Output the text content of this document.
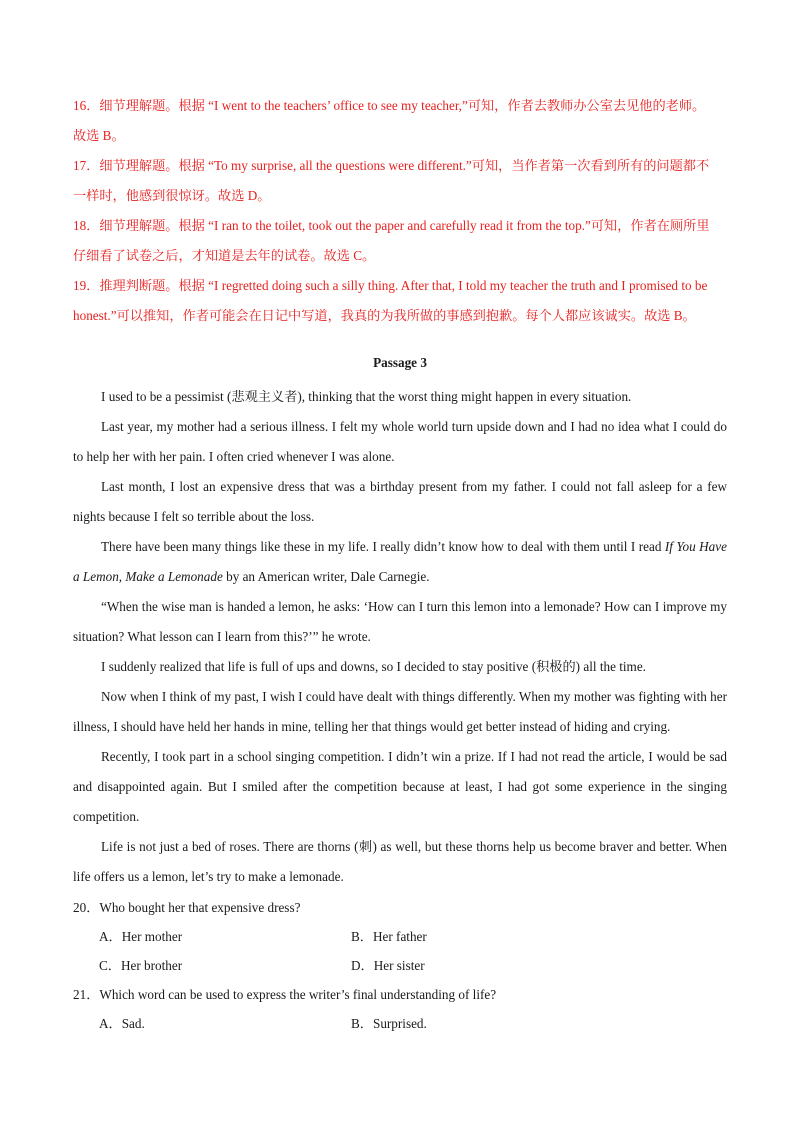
16．细节理解题。根据 “I went to the teachers’ office to see my teacher,”可知，作者去教师办公室去见他的老师。

故选 B。

17．细节理解题。根据 “To my surprise, all the questions were different.”可知，当作者第一次看到所有的问题都不

一样时，他感到很惊讶。故选 D。

18．细节理解题。根据 “I ran to the toilet, took out the paper and carefully read it from the top.”可知，作者在厕所里

仔细看了试卷之后，才知道是去年的试卷。故选 C。

19．推理判断题。根据 “I regretted doing such a silly thing. After that, I told my teacher the truth and I promised to be

honest.”可以推知，作者可能会在日记中写道，我真的为我所做的事感到抱歉。每个人都应该诚实。故选 B。

Passage 3

I used to be a pessimist (悲观主义者), thinking that the worst thing might happen in every situation.

Last year, my mother had a serious illness. I felt my whole world turn upside down and I had no idea what I could do to help her with her pain. I often cried whenever I was alone.

Last month, I lost an expensive dress that was a birthday present from my father. I could not fall asleep for a few nights because I felt so terrible about the loss.

There have been many things like these in my life. I really didn’t know how to deal with them until I read If You Have a Lemon, Make a Lemonade by an American writer, Dale Carnegie.

“When the wise man is handed a lemon, he asks: ‘How can I turn this lemon into a lemonade? How can I improve my situation? What lesson can I learn from this?’” he wrote.

I suddenly realized that life is full of ups and downs, so I decided to stay positive (积极的) all the time.

Now when I think of my past, I wish I could have dealt with things differently. When my mother was fighting with her illness, I should have held her hands in mine, telling her that things would get better instead of hiding and crying.

Recently, I took part in a school singing competition. I didn’t win a prize. If I had not read the article, I would be sad and disappointed again. But I smiled after the competition because at least, I had got some experience in the singing competition.

Life is not just a bed of roses. There are thorns (刺) as well, but these thorns help us become braver and better. When life offers us a lemon, let’s try to make a lemonade.

20．Who bought her that expensive dress?

A．Her mother	B．Her father
C．Her brother	D．Her sister

21．Which word can be used to express the writer’s final understanding of life?

A．Sad.	B．Surprised.
